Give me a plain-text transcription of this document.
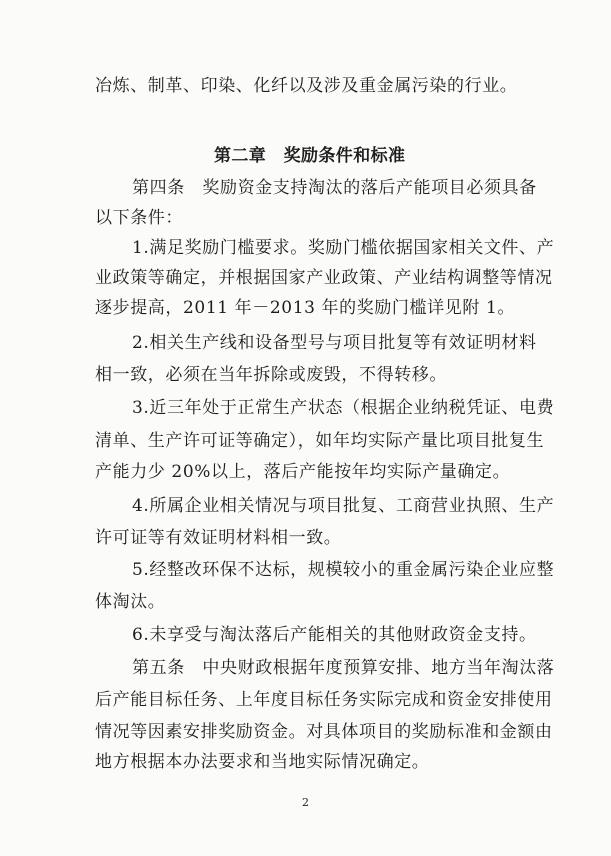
冶炼、制革、印染、化纤以及涉及重金属污染的行业。
第二章　奖励条件和标准
第四条　奖励资金支持淘汰的落后产能项目必须具备
以下条件：
1.满足奖励门槛要求。奖励门槛依据国家相关文件、产
业政策等确定，并根据国家产业政策、产业结构调整等情况
逐步提高，2011 年－2013 年的奖励门槛详见附 1。
2.相关生产线和设备型号与项目批复等有效证明材料
相一致，必须在当年拆除或废毁，不得转移。
3.近三年处于正常生产状态（根据企业纳税凭证、电费
清单、生产许可证等确定），如年均实际产量比项目批复生
产能力少 20%以上，落后产能按年均实际产量确定。
4.所属企业相关情况与项目批复、工商营业执照、生产
许可证等有效证明材料相一致。
5.经整改环保不达标，规模较小的重金属污染企业应整
体淘汰。
6.未享受与淘汰落后产能相关的其他财政资金支持。
第五条　中央财政根据年度预算安排、地方当年淘汰落
后产能目标任务、上年度目标任务实际完成和资金安排使用
情况等因素安排奖励资金。对具体项目的奖励标准和金额由
地方根据本办法要求和当地实际情况确定。
2
